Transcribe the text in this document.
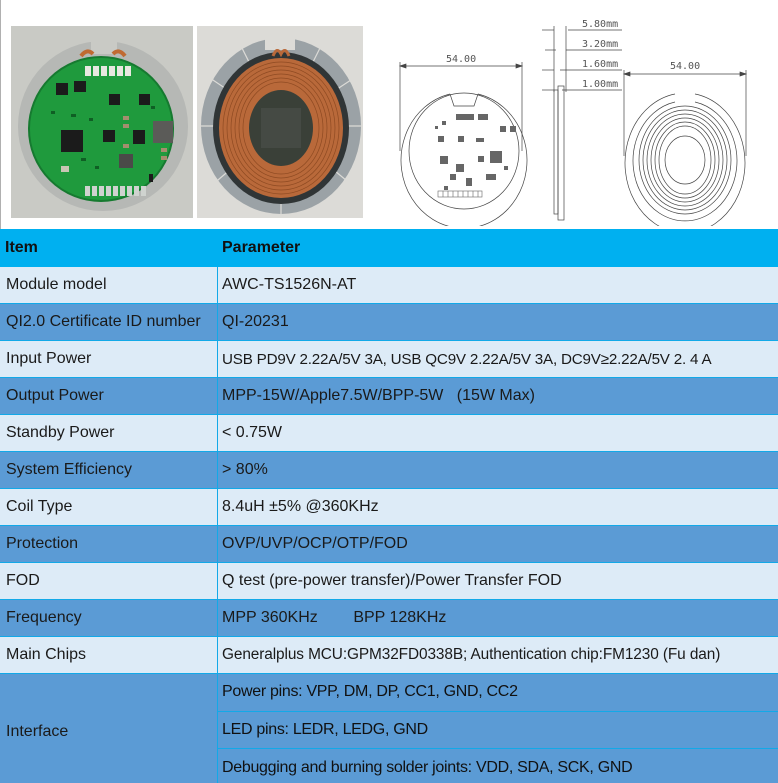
54.00
5.80mm
3.20mm
1.60mm
1.00mm
54.00
Item	Parameter
Module model	AWC-TS1526N-AT
QI2.0 Certificate ID number	QI-20231
Input Power	USB PD9V 2.22A/5V 3A, USB QC9V 2.22A/5V 3A, DC9V≥2.22A/5V 2. 4 A
Output Power	MPP-15W/Apple7.5W/BPP-5W   (15W Max)
Standby Power	< 0.75W
System Efficiency	> 80%
Coil Type	8.4uH ±5% @360KHz
Protection	OVP/UVP/OCP/OTP/FOD
FOD	Q test (pre-power transfer)/Power Transfer FOD
Frequency	MPP 360KHz        BPP 128KHz
Main Chips	Generalplus MCU:GPM32FD0338B; Authentication chip:FM1230 (Fu dan)
Interface
Power pins: VPP, DM, DP, CC1, GND, CC2
LED pins: LEDR, LEDG, GND
Debugging and burning solder joints: VDD, SDA, SCK, GND
